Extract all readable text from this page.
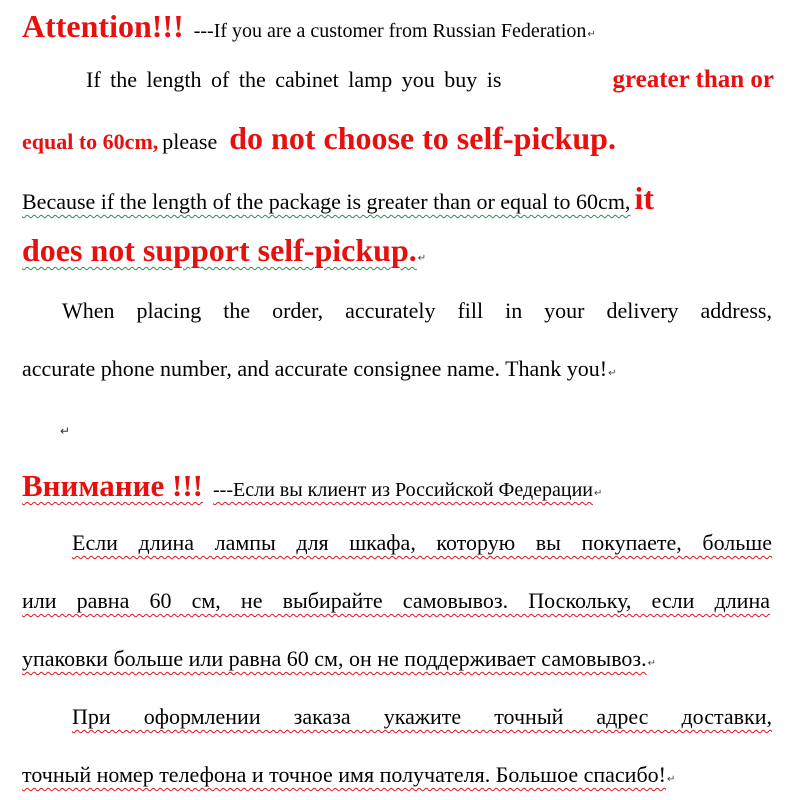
Attention!!! ---If you are a customer from Russian Federation↵
If the length of the cabinet lamp you buy is	greater than or
equal to 60cm, please do not choose to self-pickup.
Because if the length of the package is greater than or equal to 60cm, it
does not support self-pickup.↵
When placing the order, accurately fill in your delivery address,
accurate phone number, and accurate consignee name. Thank you!↵
↵
Внимание !!! ---Если вы клиент из Российской Федерации↵
Если длина лампы для шкафа, которую вы покупаете, больше
или равна 60 см, не выбирайте самовывоз. Поскольку, если длина
упаковки больше или равна 60 см, он не поддерживает самовывоз.↵
При оформлении заказа укажите точный адрес доставки,
точный номер телефона и точное имя получателя. Большое спасибо!↵
